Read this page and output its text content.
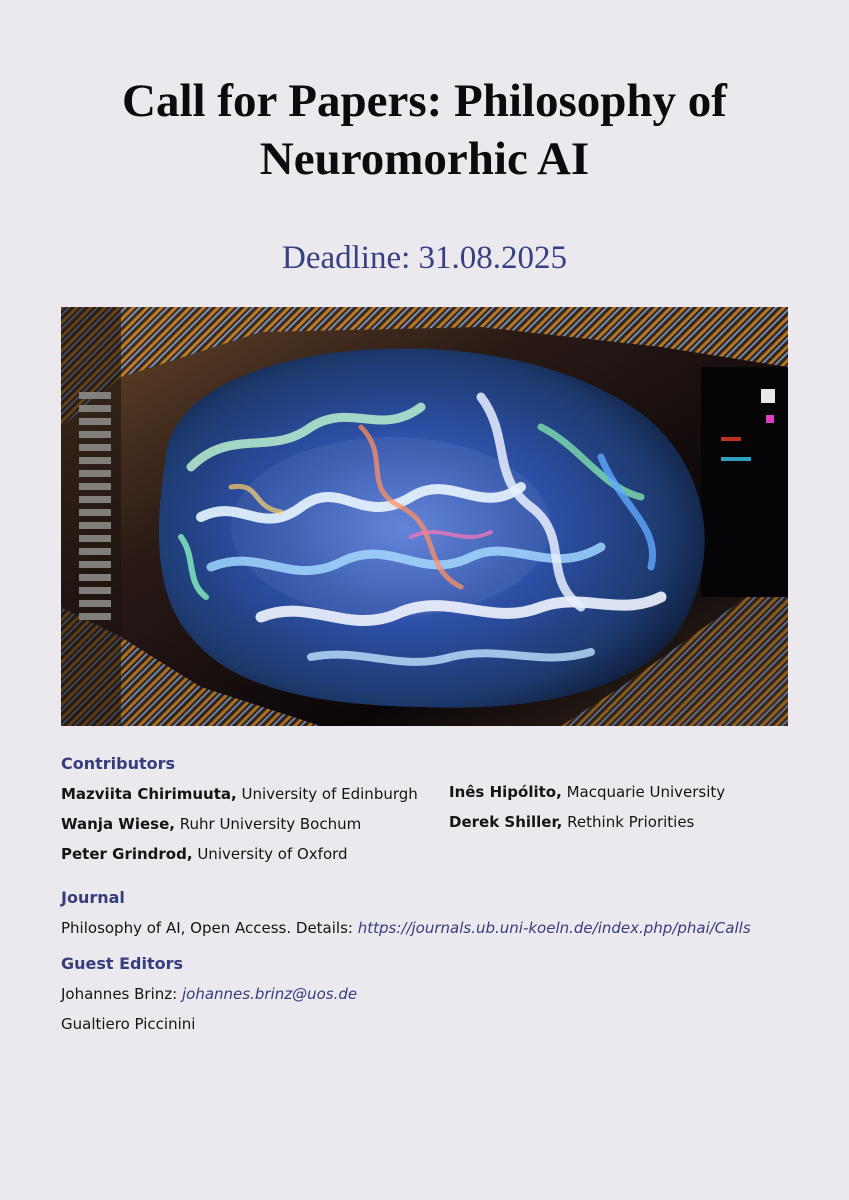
Call for Papers: Philosophy of
Neuromorhic AI
Deadline: 31.08.2025
Contributors
Mazviita Chirimuuta, University of Edinburgh
Wanja Wiese, Ruhr University Bochum
Peter Grindrod, University of Oxford
Inês Hipólito, Macquarie University
Derek Shiller, Rethink Priorities
Journal
Philosophy of AI, Open Access. Details: https://journals.ub.uni-koeln.de/index.php/phai/Calls
Guest Editors
Johannes Brinz: johannes.brinz@uos.de
Gualtiero Piccinini
